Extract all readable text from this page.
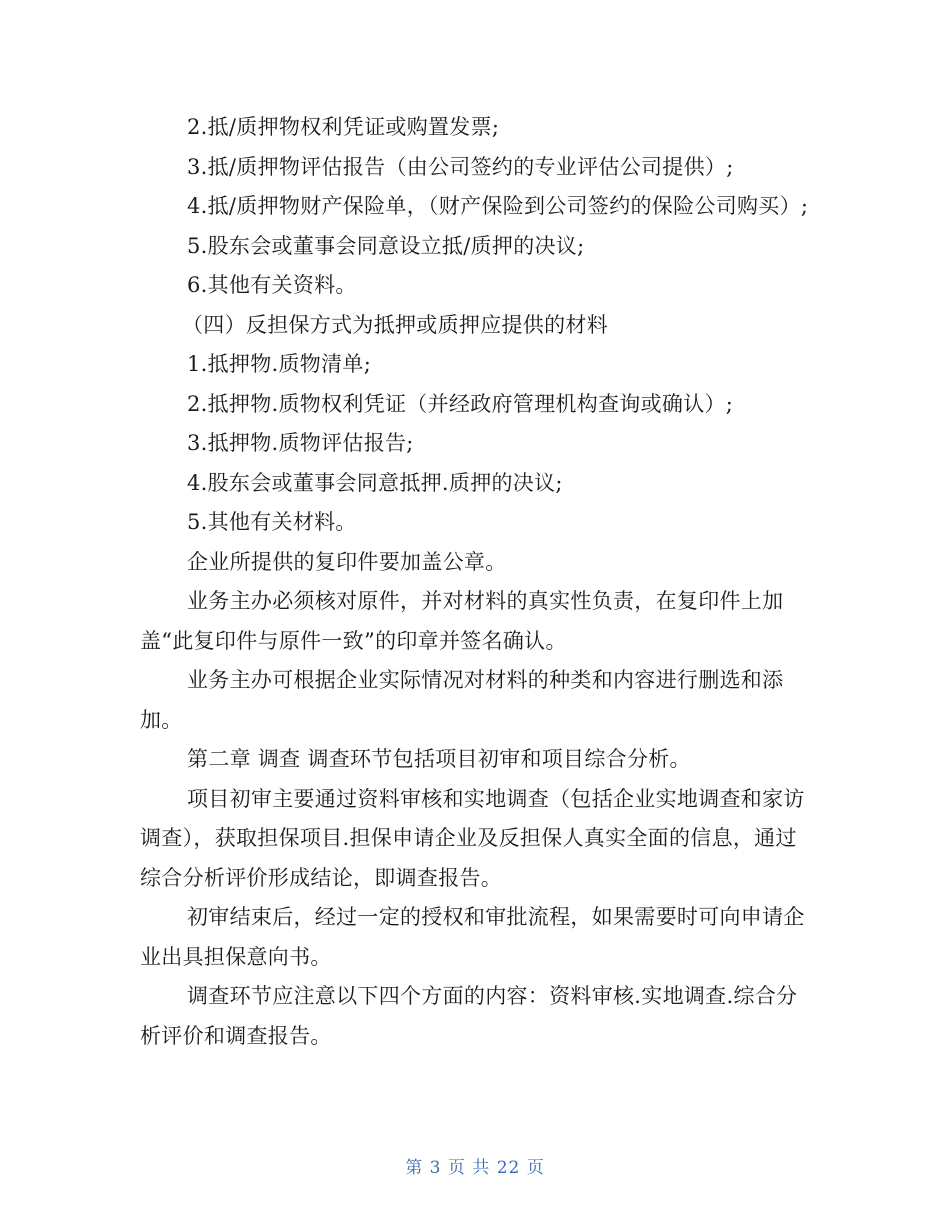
2.抵/质押物权利凭证或购置发票;

3.抵/质押物评估报告（由公司签约的专业评估公司提供）;

4.抵/质押物财产保险单，（财产保险到公司签约的保险公司购买）;

5.股东会或董事会同意设立抵/质押的决议;

6.其他有关资料。

（四）反担保方式为抵押或质押应提供的材料

1.抵押物.质物清单;

2.抵押物.质物权利凭证（并经政府管理机构查询或确认）;

3.抵押物.质物评估报告;

4.股东会或董事会同意抵押.质押的决议;

5.其他有关材料。

企业所提供的复印件要加盖公章。

业务主办必须核对原件，并对材料的真实性负责，在复印件上加盖“此复印件与原件一致”的印章并签名确认。

业务主办可根据企业实际情况对材料的种类和内容进行删选和添加。

第二章 调查 调查环节包括项目初审和项目综合分析。

项目初审主要通过资料审核和实地调查（包括企业实地调查和家访调查），获取担保项目.担保申请企业及反担保人真实全面的信息，通过综合分析评价形成结论，即调查报告。

初审结束后，经过一定的授权和审批流程，如果需要时可向申请企业出具担保意向书。

调查环节应注意以下四个方面的内容：资料审核.实地调查.综合分析评价和调查报告。

第 3 页 共 22 页
